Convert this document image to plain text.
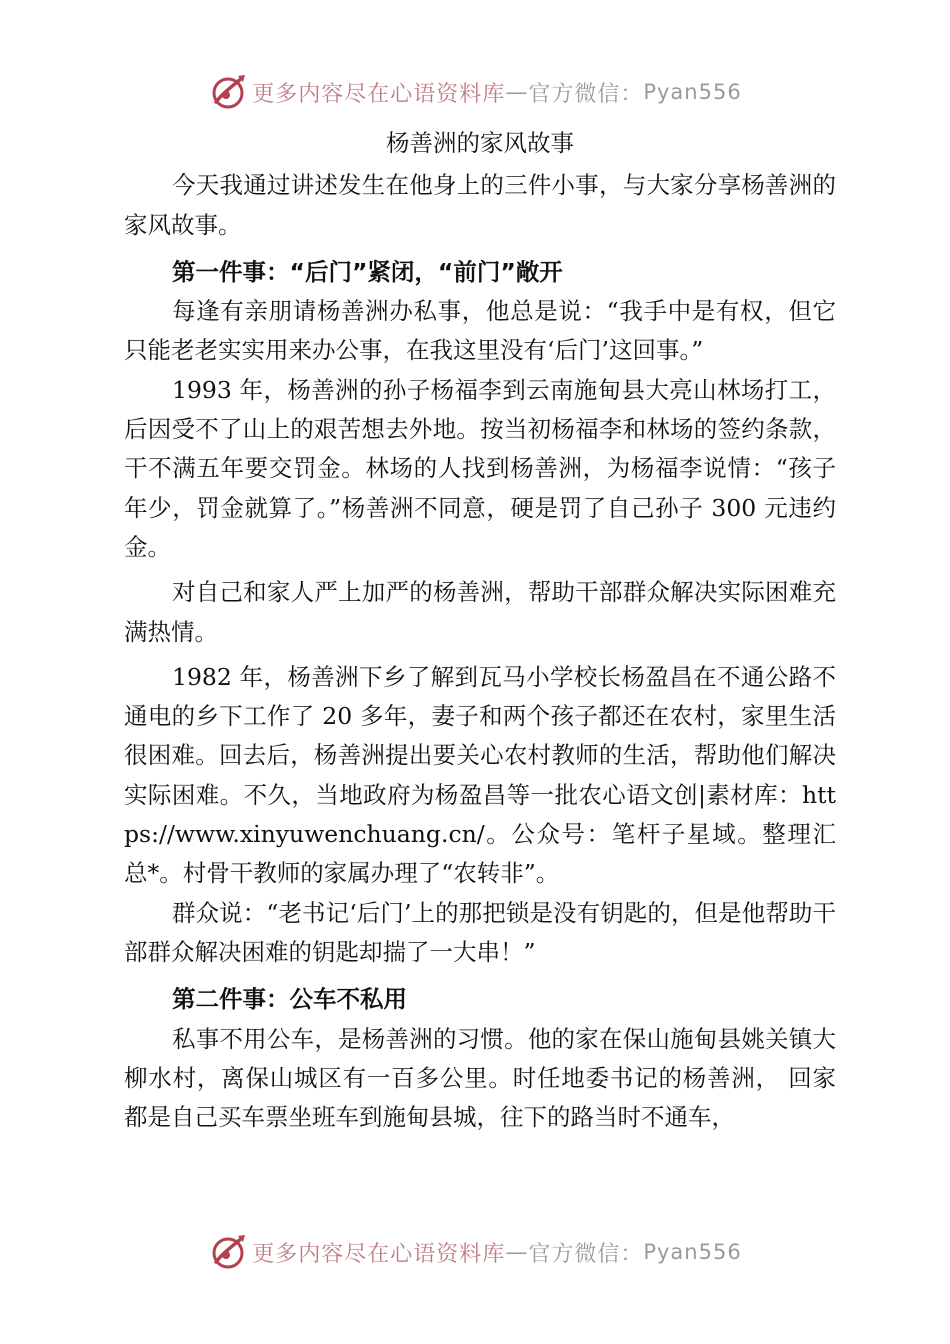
更多内容尽在心语资料库 — 官方微信： Pyan556
杨善洲的家风故事

今天我通过讲述发生在他身上的三件小事，与大家分享杨善洲的家风故事。

第一件事：“后门”紧闭，“前门”敞开

每逢有亲朋请杨善洲办私事，他总是说：“我手中是有权，但它只能老老实实用来办公事，在我这里没有‘后门’这回事。”

1993 年，杨善洲的孙子杨福李到云南施甸县大亮山林场打工，后因受不了山上的艰苦想去外地。按当初杨福李和林场的签约条款，干不满五年要交罚金。林场的人找到杨善洲，为杨福李说情：“孩子年少，罚金就算了。”杨善洲不同意，硬是罚了自己孙子 300 元违约金。

对自己和家人严上加严的杨善洲，帮助干部群众解决实际困难充满热情。

1982 年，杨善洲下乡了解到瓦马小学校长杨盈昌在不通公路不通电的乡下工作了 20 多年，妻子和两个孩子都还在农村，家里生活很困难。回去后，杨善洲提出要关心农村教师的生活，帮助他们解决实际困难。不久，当地政府为杨盈昌等一批农心语文创|素材库：https://www.xinyuwenchuang.cn/。公众号：笔杆子星域。整理汇总*。村骨干教师的家属办理了“农转非”。

群众说：“老书记‘后门’上的那把锁是没有钥匙的，但是他帮助干部群众解决困难的钥匙却揣了一大串！”

第二件事：公车不私用

私事不用公车，是杨善洲的习惯。他的家在保山施甸县姚关镇大柳水村，离保山城区有一百多公里。时任地委书记的杨善洲， 回家都是自己买车票坐班车到施甸县城，往下的路当时不通车，

更多内容尽在心语资料库 — 官方微信： Pyan556
